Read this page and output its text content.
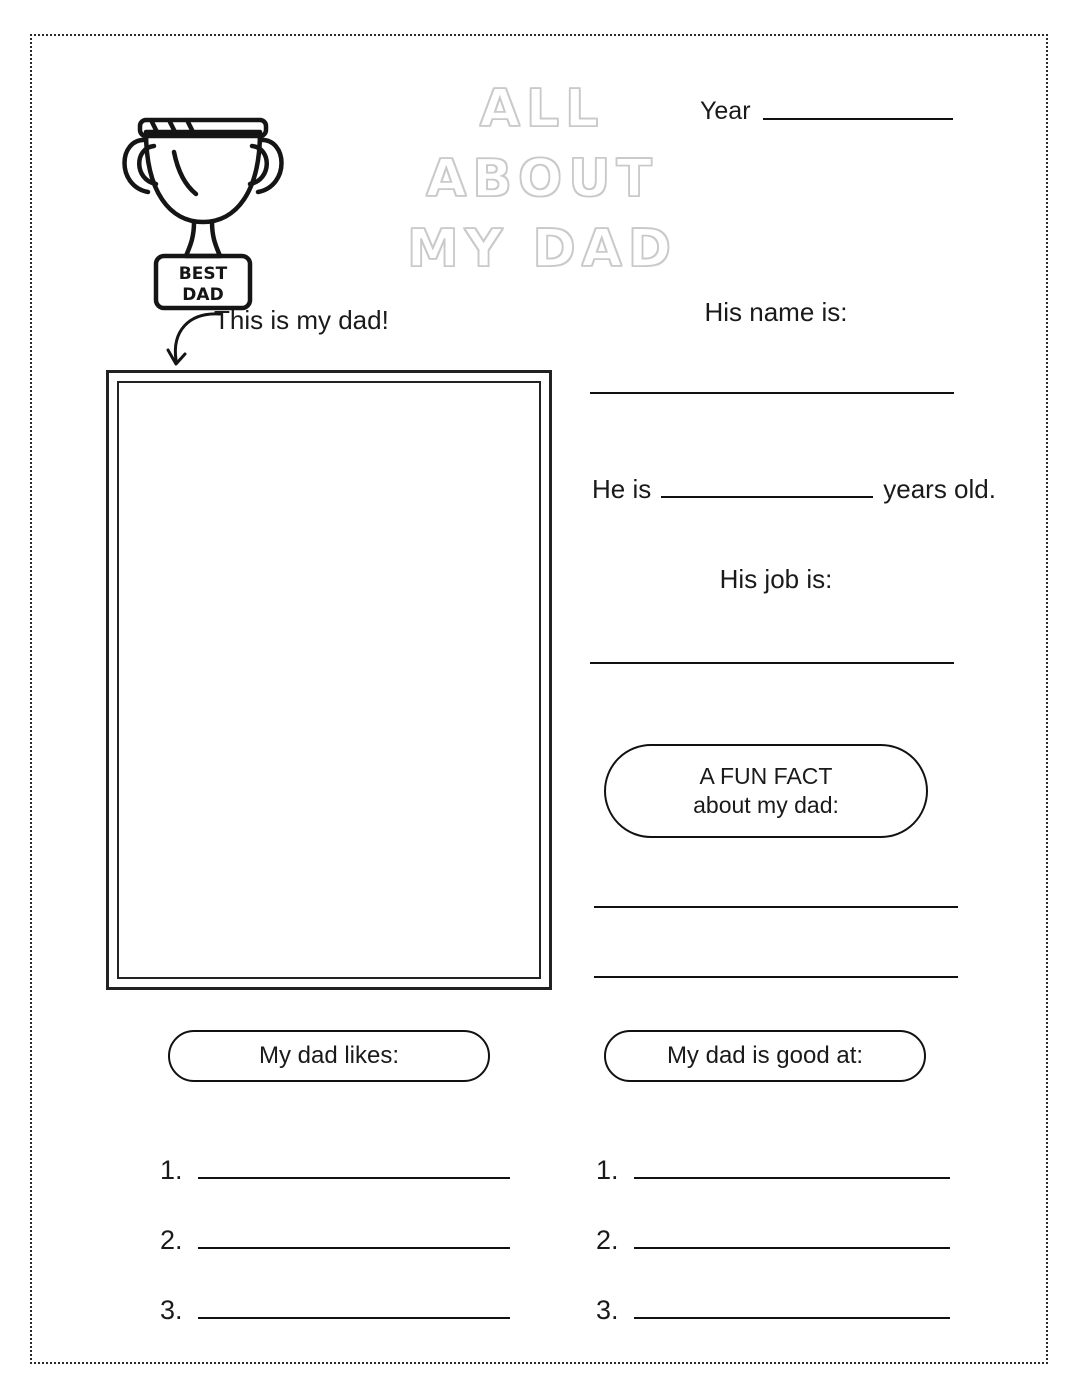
BEST
DAD
ALL
ABOUT
MY DAD
Year
This is my dad!	His name is:
He is	years old.
His job is:
A FUN FACT
about my dad:
My dad likes:	My dad is good at:
1.
2.
3.
1.
2.
3.
